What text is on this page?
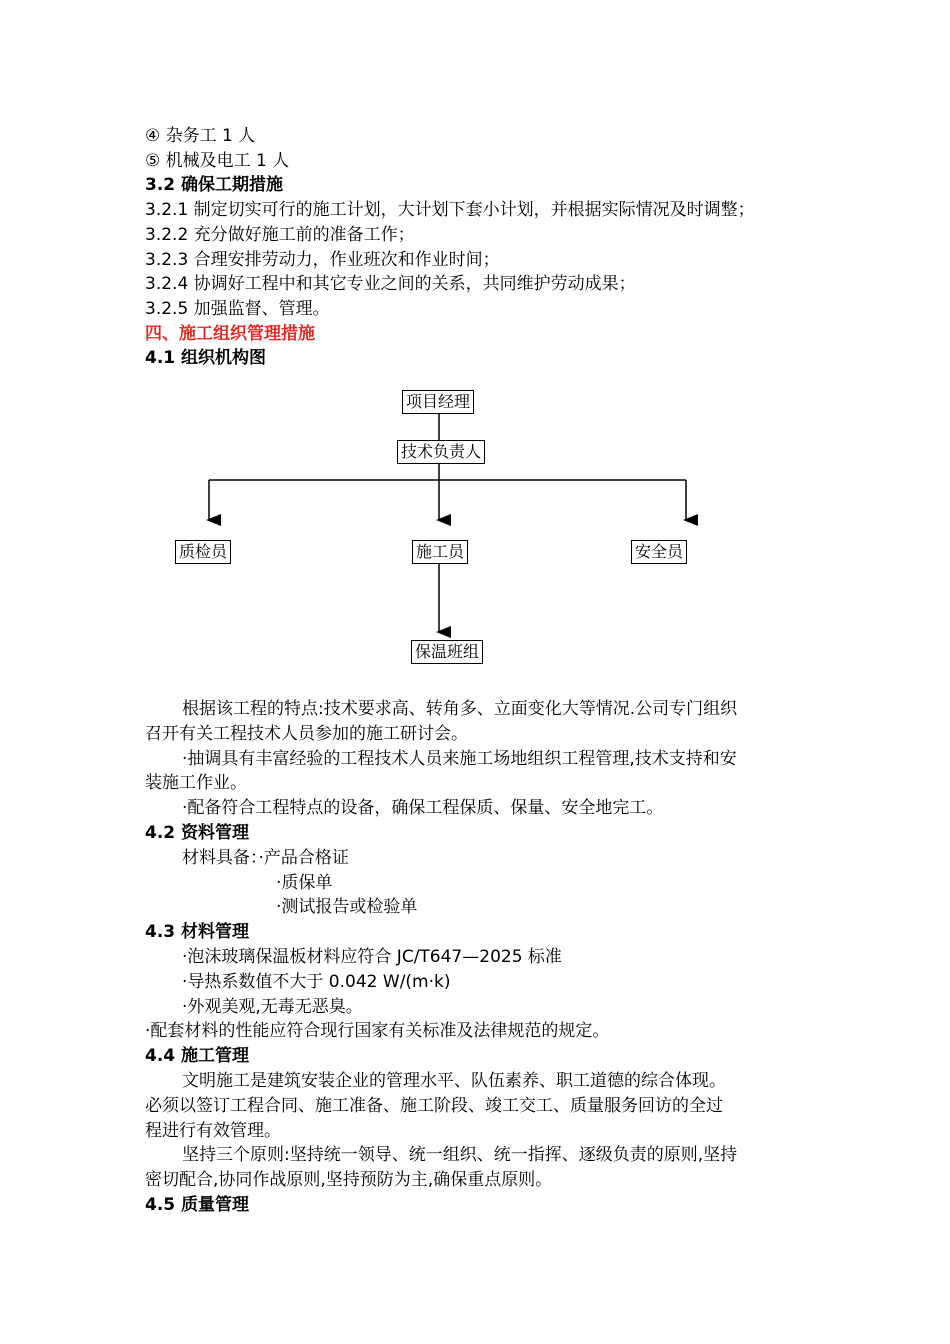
④ 杂务工 1 人
⑤ 机械及电工 1 人
3.2 确保工期措施
3.2.1 制定切实可行的施工计划，大计划下套小计划，并根据实际情况及时调整；
3.2.2 充分做好施工前的准备工作；
3.2.3 合理安排劳动力，作业班次和作业时间；
3.2.4 协调好工程中和其它专业之间的关系，共同维护劳动成果；
3.2.5 加强监督、管理。
四、施工组织管理措施
4.1 组织机构图
项目经理
技术负责人
质检员	施工员	安全员
保温班组
根据该工程的特点:技术要求高、转角多、立面变化大等情况.公司专门组织
召开有关工程技术人员参加的施工研讨会。
·抽调具有丰富经验的工程技术人员来施工场地组织工程管理,技术支持和安
装施工作业。
·配备符合工程特点的设备，确保工程保质、保量、安全地完工。
4.2 资料管理
材料具备：·产品合格证
·质保单
·测试报告或检验单
4.3 材料管理
·泡沫玻璃保温板材料应符合 JC/T647—2025 标准
·导热系数值不大于 0.042 W/(m·k)
·外观美观,无毒无恶臭。
·配套材料的性能应符合现行国家有关标准及法律规范的规定。
4.4 施工管理
文明施工是建筑安装企业的管理水平、队伍素养、职工道德的综合体现。
必须以签订工程合同、施工准备、施工阶段、竣工交工、质量服务回访的全过
程进行有效管理。
坚持三个原则:坚持统一领导、统一组织、统一指挥、逐级负责的原则,坚持
密切配合,协同作战原则,坚持预防为主,确保重点原则。
4.5 质量管理
